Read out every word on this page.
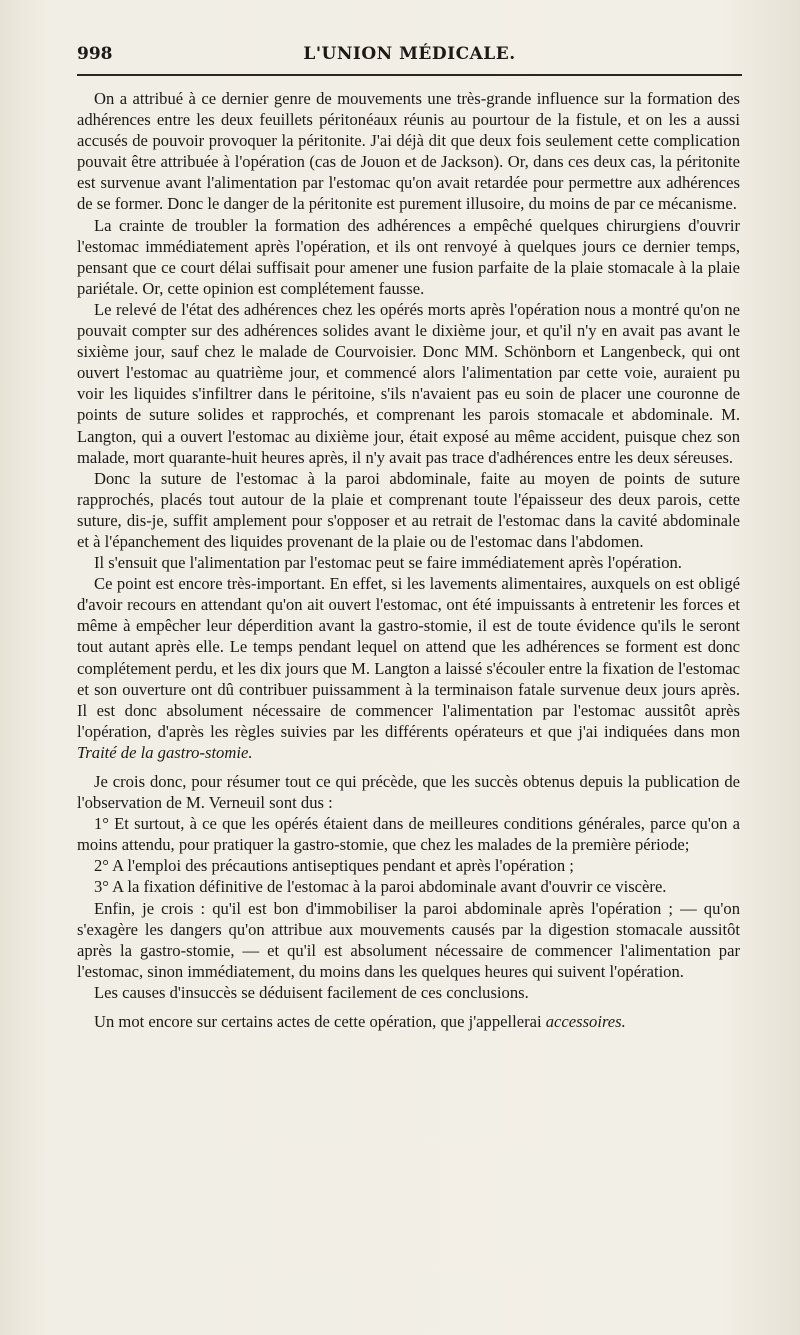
998	L'UNION MÉDICALE.

On a attribué à ce dernier genre de mouvements une très-grande influence sur la formation des adhérences entre les deux feuillets péritonéaux réunis au pourtour de la fistule, et on les a aussi accusés de pouvoir provoquer la péritonite. J'ai déjà dit que deux fois seulement cette complication pouvait être attribuée à l'opération (cas de Jouon et de Jackson). Or, dans ces deux cas, la péritonite est survenue avant l'alimentation par l'estomac qu'on avait retardée pour permettre aux adhérences de se former. Donc le danger de la péritonite est purement illusoire, du moins de par ce mécanisme.

La crainte de troubler la formation des adhérences a empêché quelques chirurgiens d'ouvrir l'estomac immédiatement après l'opération, et ils ont renvoyé à quelques jours ce dernier temps, pensant que ce court délai suffisait pour amener une fusion parfaite de la plaie stomacale à la plaie pariétale. Or, cette opinion est complétement fausse.

Le relevé de l'état des adhérences chez les opérés morts après l'opération nous a montré qu'on ne pouvait compter sur des adhérences solides avant le dixième jour, et qu'il n'y en avait pas avant le sixième jour, sauf chez le malade de Courvoisier. Donc MM. Schönborn et Langenbeck, qui ont ouvert l'estomac au quatrième jour, et commencé alors l'alimentation par cette voie, auraient pu voir les liquides s'infiltrer dans le péritoine, s'ils n'avaient pas eu soin de placer une couronne de points de suture solides et rapprochés, et comprenant les parois stomacale et abdominale. M. Langton, qui a ouvert l'estomac au dixième jour, était exposé au même accident, puisque chez son malade, mort quarante-huit heures après, il n'y avait pas trace d'adhérences entre les deux séreuses.

Donc la suture de l'estomac à la paroi abdominale, faite au moyen de points de suture rapprochés, placés tout autour de la plaie et comprenant toute l'épaisseur des deux parois, cette suture, dis-je, suffit amplement pour s'opposer et au retrait de l'estomac dans la cavité abdominale et à l'épanchement des liquides provenant de la plaie ou de l'estomac dans l'abdomen.

Il s'ensuit que l'alimentation par l'estomac peut se faire immédiatement après l'opération.

Ce point est encore très-important. En effet, si les lavements alimentaires, auxquels on est obligé d'avoir recours en attendant qu'on ait ouvert l'estomac, ont été impuissants à entretenir les forces et même à empêcher leur déperdition avant la gastro-stomie, il est de toute évidence qu'ils le seront tout autant après elle. Le temps pendant lequel on attend que les adhérences se forment est donc complétement perdu, et les dix jours que M. Langton a laissé s'écouler entre la fixation de l'estomac et son ouverture ont dû contribuer puissamment à la terminaison fatale survenue deux jours après. Il est donc absolument nécessaire de commencer l'alimentation par l'estomac aussitôt après l'opération, d'après les règles suivies par les différents opérateurs et que j'ai indiquées dans mon Traité de la gastro-stomie.

Je crois donc, pour résumer tout ce qui précède, que les succès obtenus depuis la publication de l'observation de M. Verneuil sont dus :

1° Et surtout, à ce que les opérés étaient dans de meilleures conditions générales, parce qu'on a moins attendu, pour pratiquer la gastro-stomie, que chez les malades de la première période;

2° A l'emploi des précautions antiseptiques pendant et après l'opération ;

3° A la fixation définitive de l'estomac à la paroi abdominale avant d'ouvrir ce viscère.

Enfin, je crois : qu'il est bon d'immobiliser la paroi abdominale après l'opération ; — qu'on s'exagère les dangers qu'on attribue aux mouvements causés par la digestion stomacale aussitôt après la gastro-stomie, — et qu'il est absolument nécessaire de commencer l'alimentation par l'estomac, sinon immédiatement, du moins dans les quelques heures qui suivent l'opération.

Les causes d'insuccès se déduisent facilement de ces conclusions.

Un mot encore sur certains actes de cette opération, que j'appellerai accessoires.
